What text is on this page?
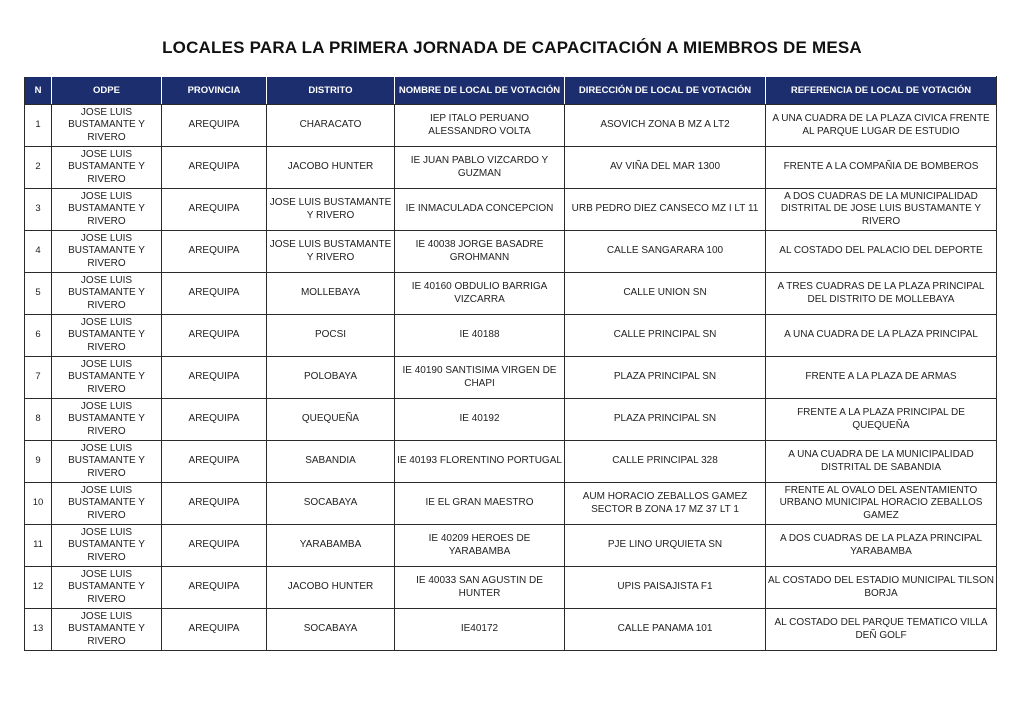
LOCALES PARA LA PRIMERA JORNADA DE CAPACITACIÓN A MIEMBROS DE MESA
N	ODPE	PROVINCIA	DISTRITO	NOMBRE DE LOCAL DE VOTACIÓN	DIRECCIÓN DE LOCAL DE VOTACIÓN	REFERENCIA DE LOCAL DE VOTACIÓN
1	JOSE LUIS BUSTAMANTE Y RIVERO	AREQUIPA	CHARACATO	IEP ITALO PERUANO ALESSANDRO VOLTA	ASOVICH ZONA B MZ A LT2	A UNA CUADRA DE LA PLAZA CIVICA FRENTE AL PARQUE LUGAR DE ESTUDIO
2	JOSE LUIS BUSTAMANTE Y RIVERO	AREQUIPA	JACOBO HUNTER	IE JUAN PABLO VIZCARDO Y GUZMAN	AV VIÑA DEL MAR 1300	FRENTE A LA COMPAÑIA DE BOMBEROS
3	JOSE LUIS BUSTAMANTE Y RIVERO	AREQUIPA	JOSE LUIS BUSTAMANTE Y RIVERO	IE INMACULADA CONCEPCION	URB PEDRO DIEZ CANSECO MZ I LT 11	A DOS CUADRAS DE LA MUNICIPALIDAD DISTRITAL DE JOSE LUIS BUSTAMANTE Y RIVERO
4	JOSE LUIS BUSTAMANTE Y RIVERO	AREQUIPA	JOSE LUIS BUSTAMANTE Y RIVERO	IE 40038 JORGE BASADRE GROHMANN	CALLE SANGARARA 100	AL COSTADO DEL PALACIO DEL DEPORTE
5	JOSE LUIS BUSTAMANTE Y RIVERO	AREQUIPA	MOLLEBAYA	IE 40160 OBDULIO BARRIGA VIZCARRA	CALLE UNION SN	A TRES CUADRAS DE LA PLAZA PRINCIPAL DEL DISTRITO DE MOLLEBAYA
6	JOSE LUIS BUSTAMANTE Y RIVERO	AREQUIPA	POCSI	IE 40188	CALLE PRINCIPAL SN	A UNA CUADRA DE LA PLAZA PRINCIPAL
7	JOSE LUIS BUSTAMANTE Y RIVERO	AREQUIPA	POLOBAYA	IE 40190 SANTISIMA VIRGEN DE CHAPI	PLAZA PRINCIPAL SN	FRENTE A LA PLAZA DE ARMAS
8	JOSE LUIS BUSTAMANTE Y RIVERO	AREQUIPA	QUEQUEÑA	IE 40192	PLAZA PRINCIPAL SN	FRENTE A LA PLAZA PRINCIPAL DE QUEQUEÑA
9	JOSE LUIS BUSTAMANTE Y RIVERO	AREQUIPA	SABANDIA	IE 40193 FLORENTINO PORTUGAL	CALLE PRINCIPAL 328	A UNA CUADRA DE LA MUNICIPALIDAD DISTRITAL DE SABANDIA
10	JOSE LUIS BUSTAMANTE Y RIVERO	AREQUIPA	SOCABAYA	IE EL GRAN MAESTRO	AUM HORACIO ZEBALLOS GAMEZ SECTOR B ZONA 17 MZ 37 LT 1	FRENTE AL OVALO DEL ASENTAMIENTO URBANO MUNICIPAL HORACIO ZEBALLOS GAMEZ
11	JOSE LUIS BUSTAMANTE Y RIVERO	AREQUIPA	YARABAMBA	IE 40209 HEROES DE YARABAMBA	PJE LINO URQUIETA SN	A DOS CUADRAS DE LA PLAZA PRINCIPAL YARABAMBA
12	JOSE LUIS BUSTAMANTE Y RIVERO	AREQUIPA	JACOBO HUNTER	IE 40033 SAN AGUSTIN DE HUNTER	UPIS PAISAJISTA F1	AL COSTADO DEL ESTADIO MUNICIPAL TILSON BORJA
13	JOSE LUIS BUSTAMANTE Y RIVERO	AREQUIPA	SOCABAYA	IE40172	CALLE PANAMA 101	AL COSTADO DEL PARQUE TEMATICO VILLA DEÑ GOLF
